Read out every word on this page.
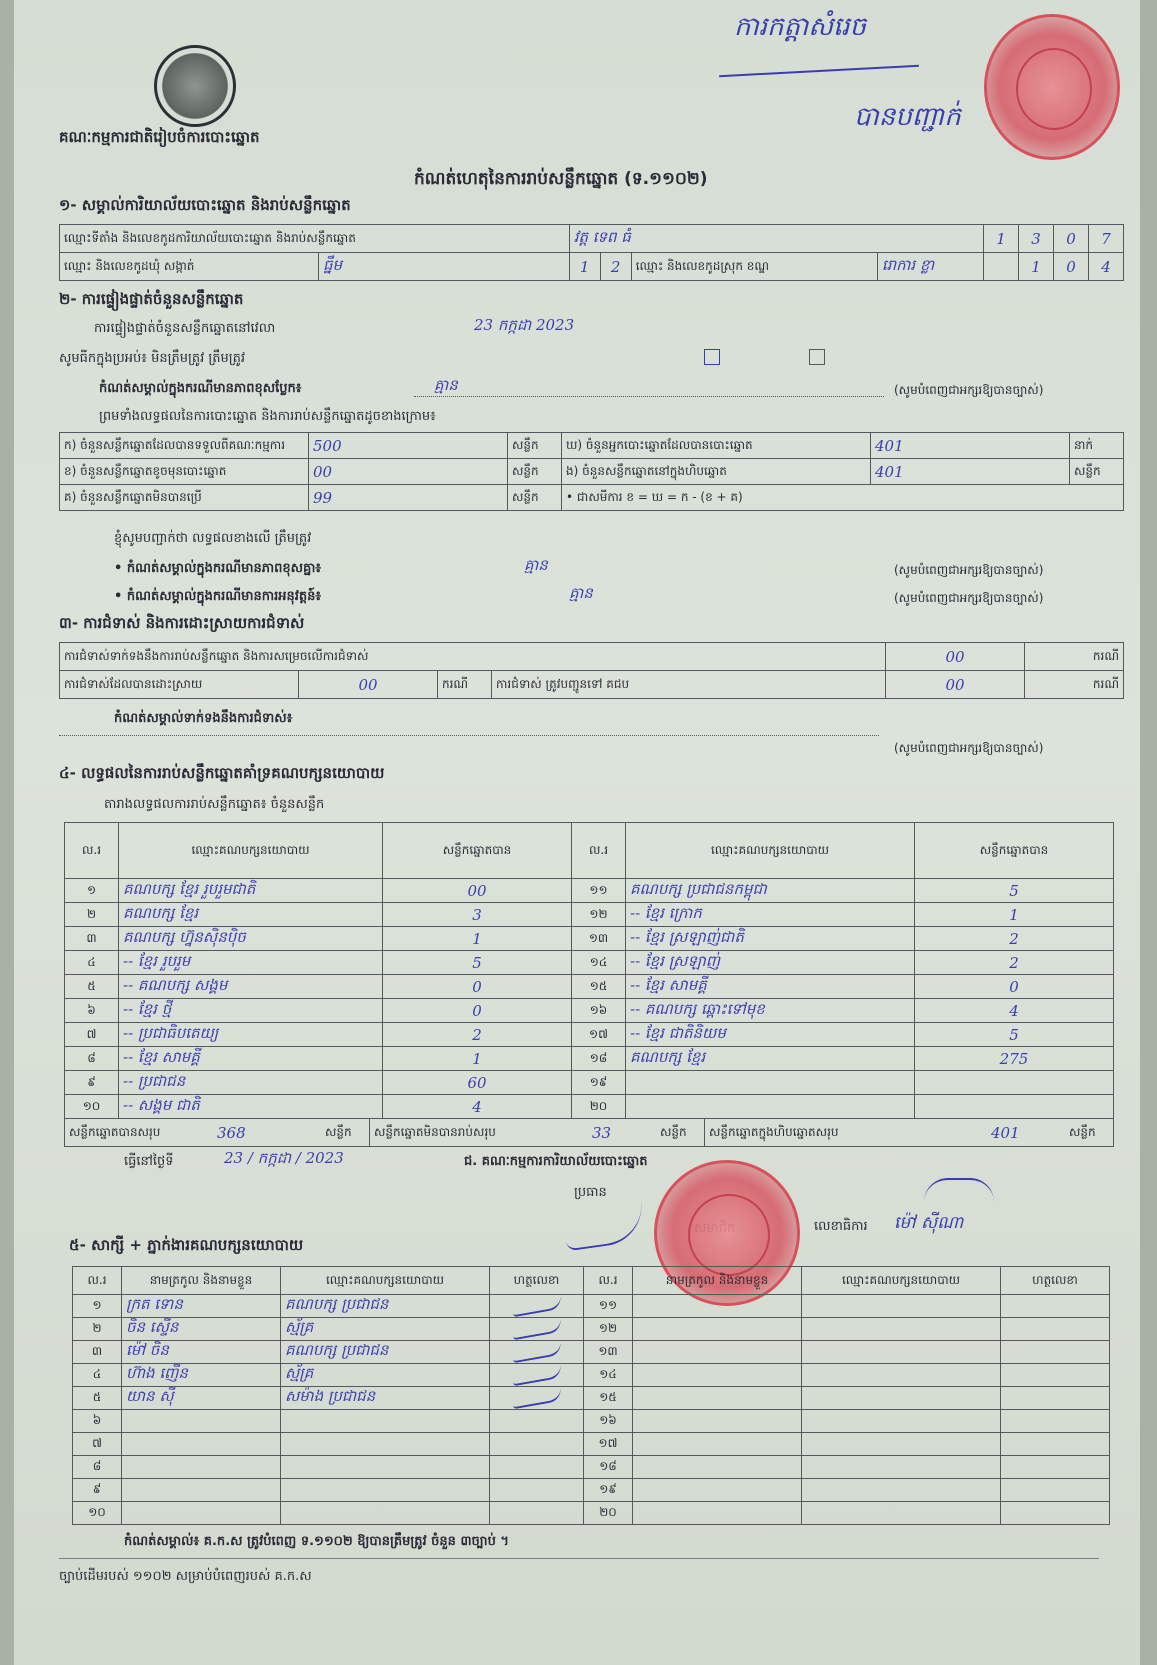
គណៈកម្មការជាតិរៀបចំការបោះឆ្នោត
ការកត្តាសំរេច
បានបញ្ជាក់
កំណត់ហេតុនៃការរាប់សន្លឹកឆ្នោត (ទ.១១០២)
១- សម្គាល់ការិយាល័យបោះឆ្នោត និងរាប់សន្លឹកឆ្នោត
ឈ្មោះទីតាំង និងលេខកូដការិយាល័យបោះឆ្នោត និងរាប់សន្លឹកឆ្នោត		វត្ត ទេព ធំ				1	3	0	7
ឈ្មោះ និងលេខកូដឃុំ សង្កាត់	ធ្នឹម	1	2	ឈ្មោះ និងលេខកូដស្រុក ខណ្ឌ	រោការ ខ្លា		1	0	4
២- ការផ្ទៀងផ្ទាត់ចំនួនសន្លឹកឆ្នោត
ការផ្ទៀងផ្ទាត់ចំនួនសន្លឹកឆ្នោតនៅវេលា	23 កក្កដា 2023
សូមធីកក្នុងប្រអប់៖ មិនត្រឹមត្រូវ ត្រឹមត្រូវ
កំណត់សម្គាល់ក្នុងករណីមានភាពខុសប្លែក៖	គ្មាន	(សូមបំពេញជាអក្សរឱ្យបានច្បាស់)
ព្រមទាំងលទ្ធផលនៃការបោះឆ្នោត និងការរាប់សន្លឹកឆ្នោតដូចខាងក្រោម៖
ក) ចំនួនសន្លឹកឆ្នោតដែលបានទទួលពីគណៈកម្មការ	500	សន្លឹក	ឃ) ចំនួនអ្នកបោះឆ្នោតដែលបានបោះឆ្នោត	401	នាក់
ខ) ចំនួនសន្លឹកឆ្នោតខូចមុនបោះឆ្នោត	00	សន្លឹក	ង) ចំនួនសន្លឹកឆ្នោតនៅក្នុងហិបឆ្នោត	401	សន្លឹក
គ) ចំនួនសន្លឹកឆ្នោតមិនបានប្រើ	99	សន្លឹក	• ជាសមីការ ខ = ឃ = ក - (ខ + គ)		
ខ្ញុំសូមបញ្ជាក់ថា លទ្ធផលខាងលើ ត្រឹមត្រូវ
• កំណត់សម្គាល់ក្នុងករណីមានភាពខុសគ្នា៖	គ្មាន	(សូមបំពេញជាអក្សរឱ្យបានច្បាស់)
• កំណត់សម្គាល់ក្នុងករណីមានការអនុវត្តន៍៖	គ្មាន	(សូមបំពេញជាអក្សរឱ្យបានច្បាស់)
៣- ការជំទាស់ និងការដោះស្រាយការជំទាស់
ការជំទាស់ទាក់ទងនឹងការរាប់សន្លឹកឆ្នោត និងការសម្រេចលើការជំទាស់				00	ករណី
ការជំទាស់ដែលបានដោះស្រាយ	00	ករណី	ការជំទាស់ ត្រូវបញ្ជូនទៅ គជប	00	ករណី
កំណត់សម្គាល់ទាក់ទងនឹងការជំទាស់៖
(សូមបំពេញជាអក្សរឱ្យបានច្បាស់)
៤- លទ្ធផលនៃការរាប់សន្លឹកឆ្នោតគាំទ្រគណបក្សនយោបាយ
តារាងលទ្ធផលការរាប់សន្លឹកឆ្នោត៖ ចំនួនសន្លឹក
ល.រ	ឈ្មោះគណបក្សនយោបាយ	សន្លឹកឆ្នោតបាន	ល.រ	ឈ្មោះគណបក្សនយោបាយ	សន្លឹកឆ្នោតបាន
១	គណបក្ស ខ្មែរ រួបរួមជាតិ	00	១១	គណបក្ស ប្រជាជនកម្ពុជា	5
២	គណបក្ស ខ្មែរ	3	១២	-- ខ្មែរ ក្រោក	1
៣	គណបក្ស ហ្វ៊ុនស៊ិនប៉ិច	1	១៣	-- ខ្មែរ ស្រឡាញ់ជាតិ	2
៤	-- ខ្មែរ រួបរួម	5	១៤	-- ខ្មែរ ស្រឡាញ់	2
៥	-- គណបក្ស សង្គម	0	១៥	-- ខ្មែរ សាមគ្គី	0
៦	-- ខ្មែរ ថ្មី	0	១៦	-- គណបក្ស ឆ្ពោះទៅមុខ	4
៧	-- ប្រជាធិបតេយ្យ	2	១៧	-- ខ្មែរ ជាតិនិយម	5
៨	-- ខ្មែរ សាមគ្គី	1	១៨	គណបក្ស ខ្មែរ	275
៩	-- ប្រជាជន	60	១៩		
១០	-- សង្គម ជាតិ	4	២០		
សន្លឹកឆ្នោតបានសរុប	368	សន្លឹក	សន្លឹកឆ្នោតមិនបានរាប់សរុប	33	សន្លឹក	សន្លឹកឆ្នោតក្នុងហិបឆ្នោតសរុប	401	សន្លឹក
ធ្វើនៅថ្ងៃទី	23 / កក្កដា / 2023	ជ. គណៈកម្មការការិយាល័យបោះឆ្នោត
ប្រធាន
លេខាធិការ ម៉ៅ ស៊ីណា
៥- សាក្សី + ភ្នាក់ងារគណបក្សនយោបាយ
ល.រ	នាមត្រកូល និងនាមខ្លួន	ឈ្មោះគណបក្សនយោបាយ	ហត្ថលេខា	ល.រ	នាមត្រកូល និងនាមខ្លួន	ឈ្មោះគណបក្សនយោបាយ	ហត្ថលេខា
១	ក្រត ទោន	គណបក្ស ប្រជាជន		១១			
២	ចិន ស្ទើន	ស្ម័គ្រ		១២			
៣	ម៉ៅ ចិន	គណបក្ស ប្រជាជន		១៣			
៤	ហ៊ាង ញើន	ស្ម័គ្រ		១៤			
៥	យាន ស៊ី	សម៉ាង ប្រជាជន		១៥			
៦				១៦			
៧				១៧			
៨				១៨			
៩				១៩			
១០				២០			
កំណត់សម្គាល់៖ គ.ក.ស ត្រូវបំពេញ ទ.១១០២ ឱ្យបានត្រឹមត្រូវ ចំនួន ៣ច្បាប់ ។
ច្បាប់ដើមរបស់ ១១០២ សម្រាប់បំពេញរបស់ គ.ក.ស
